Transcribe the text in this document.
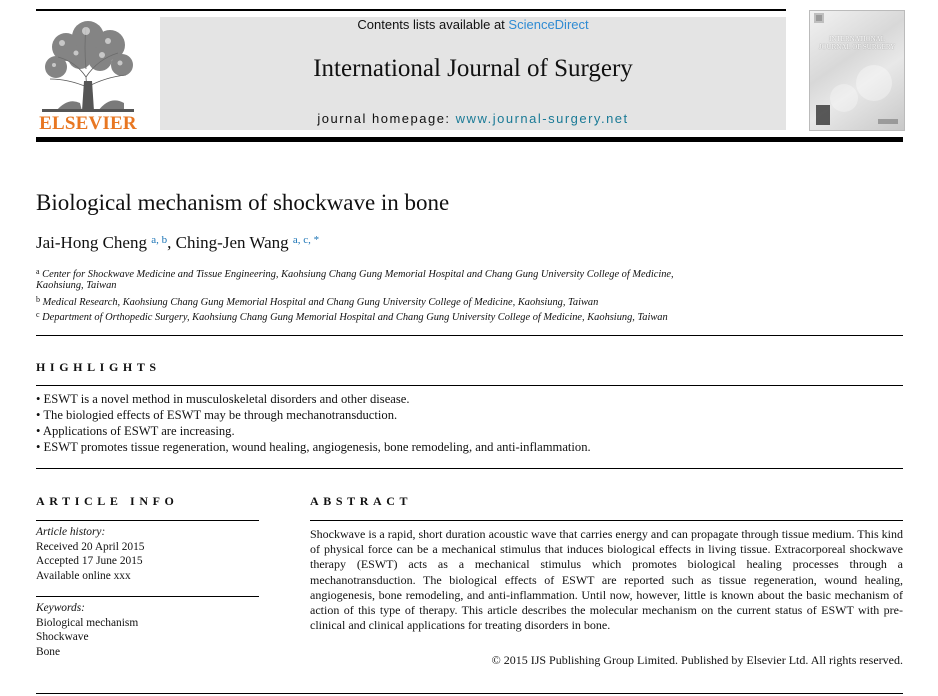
ELSEVIER
Contents lists available at ScienceDirect
International Journal of Surgery
journal homepage: www.journal-surgery.net
INTERNATIONAL JOURNAL OF SURGERY
Biological mechanism of shockwave in bone
Jai-Hong Cheng $^{a, b}$, Ching-Jen Wang $^{a, c, *}$
$^a$ Center for Shockwave Medicine and Tissue Engineering, Kaohsiung Chang Gung Memorial Hospital and Chang Gung University College of Medicine,
Kaohsiung, Taiwan
$^b$ Medical Research, Kaohsiung Chang Gung Memorial Hospital and Chang Gung University College of Medicine, Kaohsiung, Taiwan
$^c$ Department of Orthopedic Surgery, Kaohsiung Chang Gung Memorial Hospital and Chang Gung University College of Medicine, Kaohsiung, Taiwan
HIGHLIGHTS
• ESWT is a novel method in musculoskeletal disorders and other disease.
• The biologied effects of ESWT may be through mechanotransduction.
• Applications of ESWT are increasing.
• ESWT promotes tissue regeneration, wound healing, angiogenesis, bone remodeling, and anti-inflammation.
ARTICLE INFO
Article history:
Received 20 April 2015
Accepted 17 June 2015
Available online xxx
Keywords:
Biological mechanism
Shockwave
Bone
ABSTRACT
Shockwave is a rapid, short duration acoustic wave that carries energy and can propagate through tissue medium. This kind of physical force can be a mechanical stimulus that induces biological effects in living tissue. Extracorporeal shockwave therapy (ESWT) acts as a mechanical stimulus which promotes biological healing processes through a mechanotransduction. The biological effects of ESWT are reported such as tissue regeneration, wound healing, angiogenesis, bone remodeling, and anti-inflammation. Until now, however, little is known about the basic mechanism of action of this type of therapy. This article describes the molecular mechanism on the current status of ESWT with pre-clinical and clinical applications for treating disorders in bone.
© 2015 IJS Publishing Group Limited. Published by Elsevier Ltd. All rights reserved.
